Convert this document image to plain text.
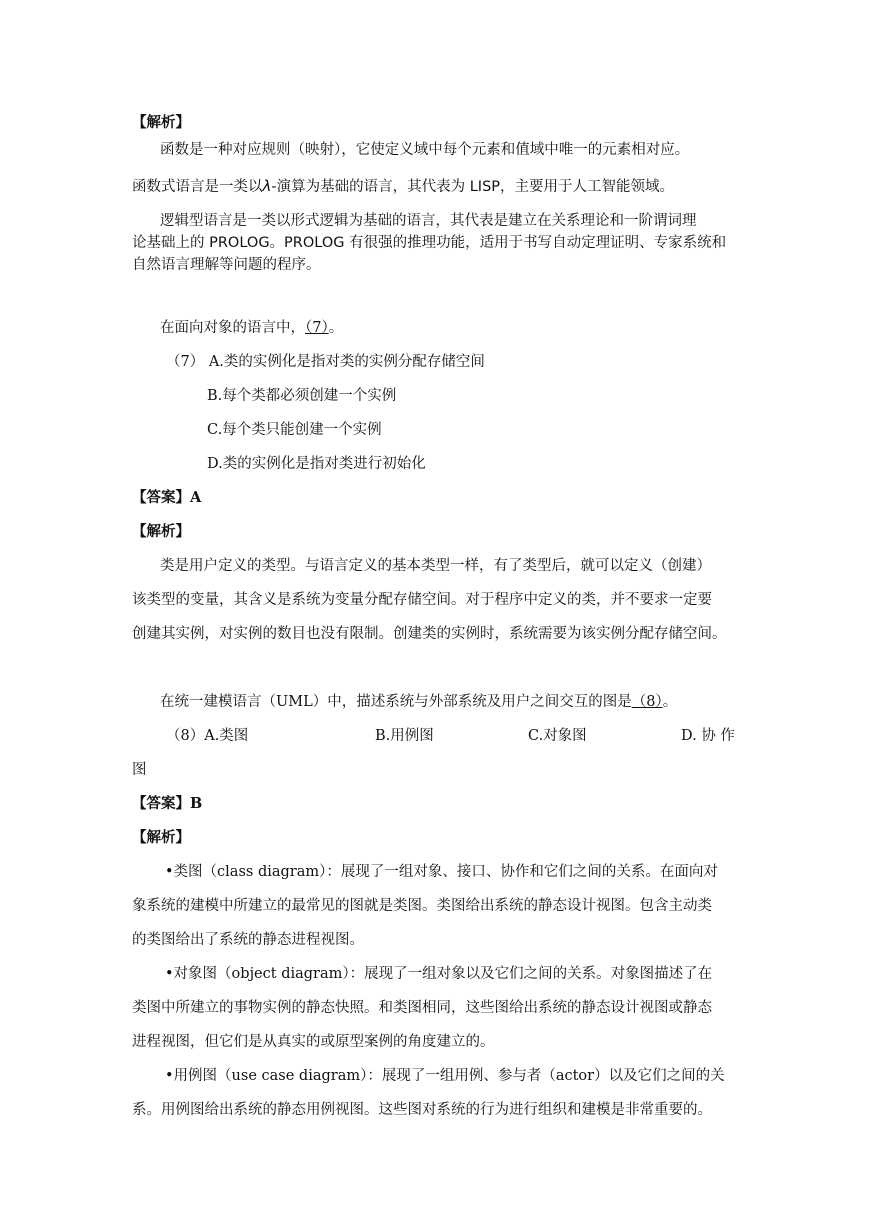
【解析】
函数是一种对应规则（映射），它使定义域中每个元素和值域中唯一的元素相对应。
函数式语言是一类以λ-演算为基础的语言，其代表为 LISP，主要用于人工智能领域。
逻辑型语言是一类以形式逻辑为基础的语言，其代表是建立在关系理论和一阶谓词理
论基础上的 PROLOG。PROLOG 有很强的推理功能，适用于书写自动定理证明、专家系统和
自然语言理解等问题的程序。
在面向对象的语言中，（7）。
（7） A.类的实例化是指对类的实例分配存储空间
B.每个类都必须创建一个实例
C.每个类只能创建一个实例
D.类的实例化是指对类进行初始化
【答案】A
【解析】
类是用户定义的类型。与语言定义的基本类型一样，有了类型后，就可以定义（创建）
该类型的变量，其含义是系统为变量分配存储空间。对于程序中定义的类，并不要求一定要
创建其实例，对实例的数目也没有限制。创建类的实例时，系统需要为该实例分配存储空间。
在统一建模语言（UML）中，描述系统与外部系统及用户之间交互的图是（8）。
（8）A.类图	B.用例图	C.对象图	D. 协 作
图
【答案】B
【解析】
•类图（class diagram）：展现了一组对象、接口、协作和它们之间的关系。在面向对
象系统的建模中所建立的最常见的图就是类图。类图给出系统的静态设计视图。包含主动类
的类图给出了系统的静态进程视图。
•对象图（object diagram）：展现了一组对象以及它们之间的关系。对象图描述了在
类图中所建立的事物实例的静态快照。和类图相同，这些图给出系统的静态设计视图或静态
进程视图，但它们是从真实的或原型案例的角度建立的。
•用例图（use case diagram）：展现了一组用例、参与者（actor）以及它们之间的关
系。用例图给出系统的静态用例视图。这些图对系统的行为进行组织和建模是非常重要的。
